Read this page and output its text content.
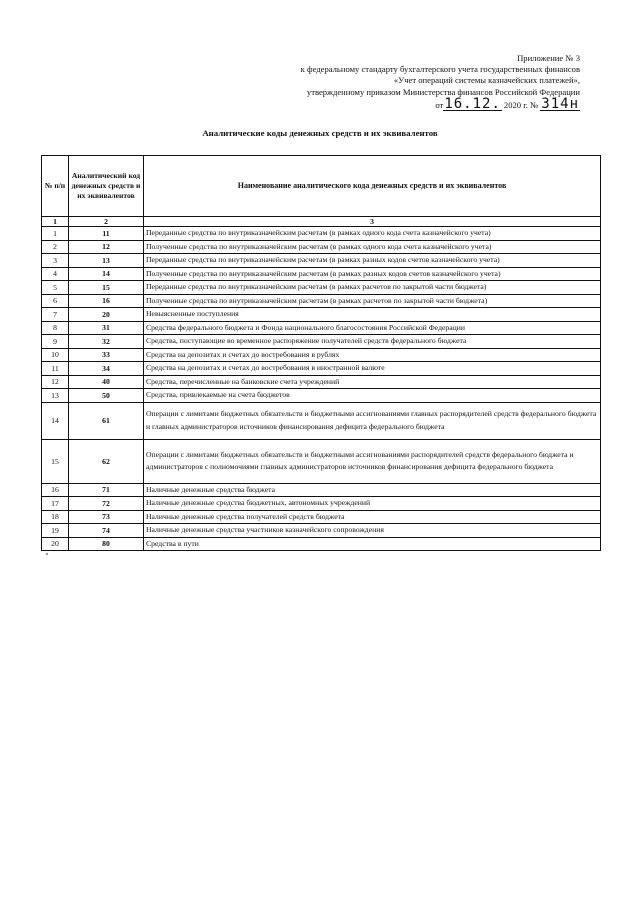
Приложение № 3
к федеральному стандарту бухгалтерского учета государственных финансов
«Учет операций системы казначейских платежей»,
утвержденному приказом Министерства финансов Российской Федерации
от 16.12. 2020 г. № 314н
Аналитические коды денежных средств и их эквивалентов
№ п/п	Аналитический код денежных средств и их эквивалентов	Наименование аналитического кода денежных средств и их эквивалентов
1	2	3
1	11	Переданные средства по внутриказначейским расчетам (в рамках одного кода счета казначейского учета)
2	12	Полученные средства по внутриказначейским расчетам (в рамках одного кода счета казначейского учета)
3	13	Переданные средства по внутриказначейским расчетам (в рамках разных кодов счетов казначейского учета)
4	14	Полученные средства по внутриказначейским расчетам (в рамках разных кодов счетов казначейского учета)
5	15	Переданные средства по внутриказначейским расчетам (в рамках расчетов по закрытой части бюджета)
6	16	Полученные средства по внутриказначейским расчетам (в рамках расчетов по закрытой части бюджета)
7	20	Невыясненные поступления
8	31	Средства федерального бюджета и Фонда национального благосостояния Российской Федерации
9	32	Средства, поступающие во временное распоряжение получателей средств федерального бюджета
10	33	Средства на депозитах и счетах до востребования в рублях
11	34	Средства на депозитах и счетах до востребования в иностранной валюте
12	40	Средства, перечисленные на банковские счета учреждений
13	50	Средства, привлекаемые на счета бюджетов
14	61	Операции с лимитами бюджетных обязательств и бюджетными ассигнованиями главных распорядителей средств федерального бюджета и главных администраторов источников финансирования дефицита федерального бюджета
15	62	Операции с лимитами бюджетных обязательств и бюджетными ассигнованиями распорядителей средств федерального бюджета и администраторов с полномочиями главных администраторов источников финансирования дефицита федерального бюджета
16	71	Наличные денежные средства бюджета
17	72	Наличные денежные средства бюджетных, автономных учреждений
18	73	Наличные денежные средства получателей средств бюджета
19	74	Наличные денежные средства участников казначейского сопровождения
20	80	Средства в пути
